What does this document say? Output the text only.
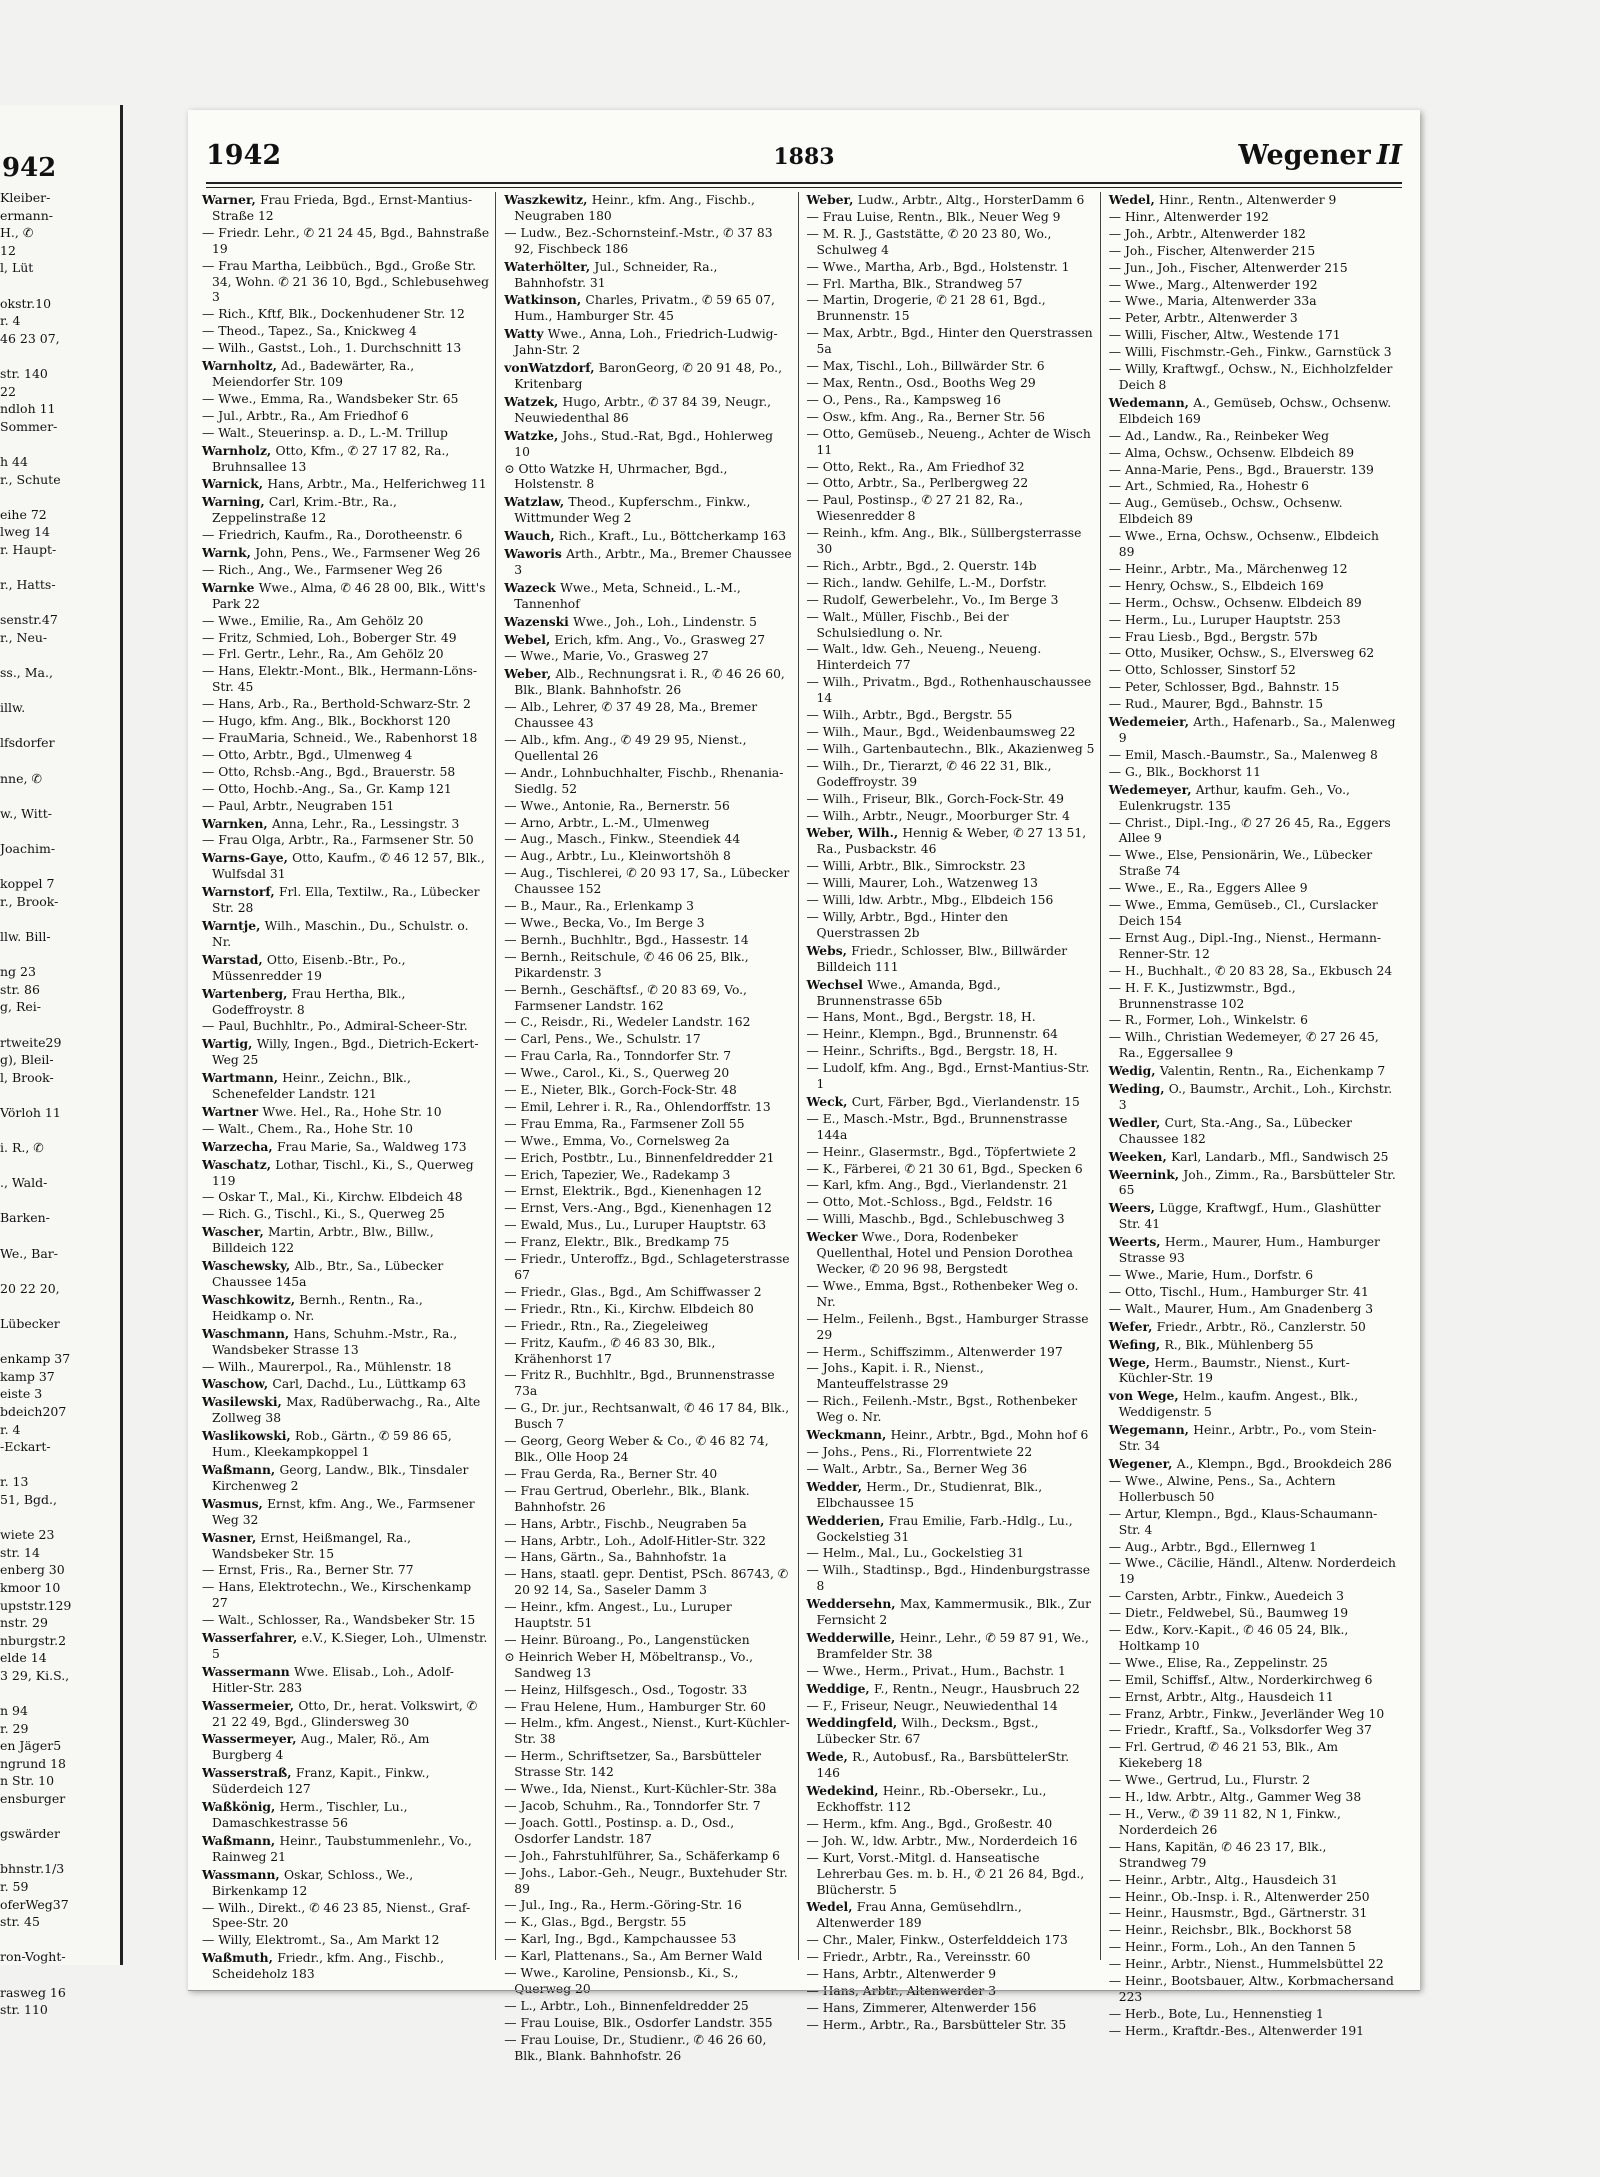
942
Kleiber-
ermann-
H., ✆
12
l, Lüt

okstr.10
r. 4
46 23 07,

str. 140
22
ndloh 11
Sommer-

h 44
r., Schute

eihe 72
lweg 14
r. Haupt-

r., Hatts-

senstr.47
r., Neu-

ss., Ma.,

illw.

lfsdorfer

nne, ✆

w., Witt-

Joachim-

koppel 7
r., Brook-

llw. Bill-

ng 23
str. 86
g, Rei-

rtweite29
g), Bleil-
l, Brook-

Vörloh 11

i. R., ✆

., Wald-

Barken-

We., Bar-

20 22 20,

Lübecker

enkamp 37
kamp 37
eiste 3
bdeich207
r. 4
-Eckart-

r. 13
51, Bgd.,

wiete 23
str. 14
enberg 30
kmoor 10
upststr.129
nstr. 29
nburgstr.2
elde 14
3 29, Ki.S.,

n 94
r. 29
en Jäger5
ngrund 18
n Str. 10
ensburger

gswärder

bhnstr.1/3
r. 59
oferWeg37
str. 45

ron-Voght-

rasweg 16
str. 110
1942	1883	Wegener II
Warner, Frau Frieda, Bgd., Ernst-Mantius-Straße 12
— Friedr. Lehr., ✆ 21 24 45, Bgd., Bahnstraße 19
— Frau Martha, Leibbüch., Bgd., Große Str. 34, Wohn. ✆ 21 36 10, Bgd., Schlebusehweg 3
— Rich., Kftf, Blk., Dockenhudener Str. 12
— Theod., Tapez., Sa., Knickweg 4
— Wilh., Gastst., Loh., 1. Durchschnitt 13
Warnholtz, Ad., Badewärter, Ra., Meiendorfer Str. 109
— Wwe., Emma, Ra., Wandsbeker Str. 65
— Jul., Arbtr., Ra., Am Friedhof 6
— Walt., Steuerinsp. a. D., L.-M. Trillup
Warnholz, Otto, Kfm., ✆ 27 17 82, Ra., Bruhnsallee 13
Warnick, Hans, Arbtr., Ma., Helferichweg 11
Warning, Carl, Krim.-Btr., Ra., Zeppelinstraße 12
— Friedrich, Kaufm., Ra., Dorotheenstr. 6
Warnk, John, Pens., We., Farmsener Weg 26
— Rich., Ang., We., Farmsener Weg 26
Warnke Wwe., Alma, ✆ 46 28 00, Blk., Witt's Park 22
— Wwe., Emilie, Ra., Am Gehölz 20
— Fritz, Schmied, Loh., Boberger Str. 49
— Frl. Gertr., Lehr., Ra., Am Gehölz 20
— Hans, Elektr.-Mont., Blk., Hermann-Löns-Str. 45
— Hans, Arb., Ra., Berthold-Schwarz-Str. 2
— Hugo, kfm. Ang., Blk., Bockhorst 120
— FrauMaria, Schneid., We., Rabenhorst 18
— Otto, Arbtr., Bgd., Ulmenweg 4
— Otto, Rchsb.-Ang., Bgd., Brauerstr. 58
— Otto, Hochb.-Ang., Sa., Gr. Kamp 121
— Paul, Arbtr., Neugraben 151
Warnken, Anna, Lehr., Ra., Lessingstr. 3
— Frau Olga, Arbtr., Ra., Farmsener Str. 50
Warns-Gaye, Otto, Kaufm., ✆ 46 12 57, Blk., Wulfsdal 31
Warnstorf, Frl. Ella, Textilw., Ra., Lübecker Str. 28
Warntje, Wilh., Maschin., Du., Schulstr. o. Nr.
Warstad, Otto, Eisenb.-Btr., Po., Müssenredder 19
Wartenberg, Frau Hertha, Blk., Godeffroystr. 8
— Paul, Buchhltr., Po., Admiral-Scheer-Str.
Wartig, Willy, Ingen., Bgd., Dietrich-Eckert-Weg 25
Wartmann, Heinr., Zeichn., Blk., Schenefelder Landstr. 121
Wartner Wwe. Hel., Ra., Hohe Str. 10
— Walt., Chem., Ra., Hohe Str. 10
Warzecha, Frau Marie, Sa., Waldweg 173
Waschatz, Lothar, Tischl., Ki., S., Querweg 119
— Oskar T., Mal., Ki., Kirchw. Elbdeich 48
— Rich. G., Tischl., Ki., S., Querweg 25
Wascher, Martin, Arbtr., Blw., Billw., Billdeich 122
Waschewsky, Alb., Btr., Sa., Lübecker Chaussee 145a
Waschkowitz, Bernh., Rentn., Ra., Heidkamp o. Nr.
Waschmann, Hans, Schuhm.-Mstr., Ra., Wandsbeker Strasse 13
— Wilh., Maurerpol., Ra., Mühlenstr. 18
Waschow, Carl, Dachd., Lu., Lüttkamp 63
Wasilewski, Max, Radüberwachg., Ra., Alte Zollweg 38
Waslikowski, Rob., Gärtn., ✆ 59 86 65, Hum., Kleekampkoppel 1
Waßmann, Georg, Landw., Blk., Tinsdaler Kirchenweg 2
Wasmus, Ernst, kfm. Ang., We., Farmsener Weg 32
Wasner, Ernst, Heißmangel, Ra., Wandsbeker Str. 15
— Ernst, Fris., Ra., Berner Str. 77
— Hans, Elektrotechn., We., Kirschenkamp 27
— Walt., Schlosser, Ra., Wandsbeker Str. 15
Wasserfahrer, e.V., K.Sieger, Loh., Ulmenstr. 5
Wassermann Wwe. Elisab., Loh., Adolf-Hitler-Str. 283
Wassermeier, Otto, Dr., herat. Volkswirt, ✆ 21 22 49, Bgd., Glindersweg 30
Wassermeyer, Aug., Maler, Rö., Am Burgberg 4
Wasserstraß, Franz, Kapit., Finkw., Süderdeich 127
Waßkönig, Herm., Tischler, Lu., Damaschkestrasse 56
Waßmann, Heinr., Taubstummenlehr., Vo., Rainweg 21
Wassmann, Oskar, Schloss., We., Birkenkamp 12
— Wilh., Direkt., ✆ 46 23 85, Nienst., Graf-Spee-Str. 20
— Willy, Elektromt., Sa., Am Markt 12
Waßmuth, Friedr., kfm. Ang., Fischb., Scheideholz 183
Waszkewitz, Heinr., kfm. Ang., Fischb., Neugraben 180
— Ludw., Bez.-Schornsteinf.-Mstr., ✆ 37 83 92, Fischbeck 186
Waterhölter, Jul., Schneider, Ra., Bahnhofstr. 31
Watkinson, Charles, Privatm., ✆ 59 65 07, Hum., Hamburger Str. 45
Watty Wwe., Anna, Loh., Friedrich-Ludwig-Jahn-Str. 2
vonWatzdorf, BaronGeorg, ✆ 20 91 48, Po., Kritenbarg
Watzek, Hugo, Arbtr., ✆ 37 84 39, Neugr., Neuwiedenthal 86
Watzke, Johs., Stud.-Rat, Bgd., Hohlerweg 10
⊙ Otto Watzke H, Uhrmacher, Bgd., Holstenstr. 8
Watzlaw, Theod., Kupferschm., Finkw., Wittmunder Weg 2
Wauch, Rich., Kraft., Lu., Böttcherkamp 163
Waworis Arth., Arbtr., Ma., Bremer Chaussee 3
Wazeck Wwe., Meta, Schneid., L.-M., Tannenhof
Wazenski Wwe., Joh., Loh., Lindenstr. 5
Webel, Erich, kfm. Ang., Vo., Grasweg 27
— Wwe., Marie, Vo., Grasweg 27
Weber, Alb., Rechnungsrat i. R., ✆ 46 26 60, Blk., Blank. Bahnhofstr. 26
— Alb., Lehrer, ✆ 37 49 28, Ma., Bremer Chaussee 43
— Alb., kfm. Ang., ✆ 49 29 95, Nienst., Quellental 26
— Andr., Lohnbuchhalter, Fischb., Rhenania-Siedlg. 52
— Wwe., Antonie, Ra., Bernerstr. 56
— Arno, Arbtr., L.-M., Ulmenweg
— Aug., Masch., Finkw., Steendiek 44
— Aug., Arbtr., Lu., Kleinwortshöh 8
— Aug., Tischlerei, ✆ 20 93 17, Sa., Lübecker Chaussee 152
— B., Maur., Ra., Erlenkamp 3
— Wwe., Becka, Vo., Im Berge 3
— Bernh., Buchhltr., Bgd., Hassestr. 14
— Bernh., Reitschule, ✆ 46 06 25, Blk., Pikardenstr. 3
— Bernh., Geschäftsf., ✆ 20 83 69, Vo., Farmsener Landstr. 162
— C., Reisdr., Ri., Wedeler Landstr. 162
— Carl, Pens., We., Schulstr. 17
— Frau Carla, Ra., Tonndorfer Str. 7
— Wwe., Carol., Ki., S., Querweg 20
— E., Nieter, Blk., Gorch-Fock-Str. 48
— Emil, Lehrer i. R., Ra., Ohlendorffstr. 13
— Frau Emma, Ra., Farmsener Zoll 55
— Wwe., Emma, Vo., Cornelsweg 2a
— Erich, Postbtr., Lu., Binnenfeldredder 21
— Erich, Tapezier, We., Radekamp 3
— Ernst, Elektrik., Bgd., Kienenhagen 12
— Ernst, Vers.-Ang., Bgd., Kienenhagen 12
— Ewald, Mus., Lu., Luruper Hauptstr. 63
— Franz, Elektr., Blk., Bredkamp 75
— Friedr., Unteroffz., Bgd., Schlageterstrasse 67
— Friedr., Glas., Bgd., Am Schiffwasser 2
— Friedr., Rtn., Ki., Kirchw. Elbdeich 80
— Friedr., Rtn., Ra., Ziegeleiweg
— Fritz, Kaufm., ✆ 46 83 30, Blk., Krähenhorst 17
— Fritz R., Buchhltr., Bgd., Brunnenstrasse 73a
— G., Dr. jur., Rechtsanwalt, ✆ 46 17 84, Blk., Busch 7
— Georg, Georg Weber & Co., ✆ 46 82 74, Blk., Olle Hoop 24
— Frau Gerda, Ra., Berner Str. 40
— Frau Gertrud, Oberlehr., Blk., Blank. Bahnhofstr. 26
— Hans, Arbtr., Fischb., Neugraben 5a
— Hans, Arbtr., Loh., Adolf-Hitler-Str. 322
— Hans, Gärtn., Sa., Bahnhofstr. 1a
— Hans, staatl. gepr. Dentist, PSch. 86743, ✆ 20 92 14, Sa., Saseler Damm 3
— Heinr., kfm. Angest., Lu., Luruper Hauptstr. 51
— Heinr. Büroang., Po., Langenstücken
⊙ Heinrich Weber H, Möbeltransp., Vo., Sandweg 13
— Heinz, Hilfsgesch., Osd., Togostr. 33
— Frau Helene, Hum., Hamburger Str. 60
— Helm., kfm. Angest., Nienst., Kurt-Küchler-Str. 38
— Herm., Schriftsetzer, Sa., Barsbütteler Strasse Str. 142
— Wwe., Ida, Nienst., Kurt-Küchler-Str. 38a
— Jacob, Schuhm., Ra., Tonndorfer Str. 7
— Joach. Gottl., Postinsp. a. D., Osd., Osdorfer Landstr. 187
— Joh., Fahrstuhlführer, Sa., Schäferkamp 6
— Johs., Labor.-Geh., Neugr., Buxtehuder Str. 89
— Jul., Ing., Ra., Herm.-Göring-Str. 16
— K., Glas., Bgd., Bergstr. 55
— Karl, Ing., Bgd., Kampchaussee 53
— Karl, Plattenans., Sa., Am Berner Wald
— Wwe., Karoline, Pensionsb., Ki., S., Querweg 20
— L., Arbtr., Loh., Binnenfeldredder 25
— Frau Louise, Blk., Osdorfer Landstr. 355
— Frau Louise, Dr., Studienr., ✆ 46 26 60, Blk., Blank. Bahnhofstr. 26
Weber, Ludw., Arbtr., Altg., HorsterDamm 6
— Frau Luise, Rentn., Blk., Neuer Weg 9
— M. R. J., Gaststätte, ✆ 20 23 80, Wo., Schulweg 4
— Wwe., Martha, Arb., Bgd., Holstenstr. 1
— Frl. Martha, Blk., Strandweg 57
— Martin, Drogerie, ✆ 21 28 61, Bgd., Brunnenstr. 15
— Max, Arbtr., Bgd., Hinter den Querstrassen 5a
— Max, Tischl., Loh., Billwärder Str. 6
— Max, Rentn., Osd., Booths Weg 29
— O., Pens., Ra., Kampsweg 16
— Osw., kfm. Ang., Ra., Berner Str. 56
— Otto, Gemüseb., Neueng., Achter de Wisch 11
— Otto, Rekt., Ra., Am Friedhof 32
— Otto, Arbtr., Sa., Perlbergweg 22
— Paul, Postinsp., ✆ 27 21 82, Ra., Wiesenredder 8
— Reinh., kfm. Ang., Blk., Süllbergsterrasse 30
— Rich., Arbtr., Bgd., 2. Querstr. 14b
— Rich., landw. Gehilfe, L.-M., Dorfstr.
— Rudolf, Gewerbelehr., Vo., Im Berge 3
— Walt., Müller, Fischb., Bei der Schulsiedlung o. Nr.
— Walt., ldw. Geh., Neueng., Neueng. Hinterdeich 77
— Wilh., Privatm., Bgd., Rothenhauschaussee 14
— Wilh., Arbtr., Bgd., Bergstr. 55
— Wilh., Maur., Bgd., Weidenbaumsweg 22
— Wilh., Gartenbautechn., Blk., Akazienweg 5
— Wilh., Dr., Tierarzt, ✆ 46 22 31, Blk., Godeffroystr. 39
— Wilh., Friseur, Blk., Gorch-Fock-Str. 49
— Wilh., Arbtr., Neugr., Moorburger Str. 4
Weber, Wilh., Hennig & Weber, ✆ 27 13 51, Ra., Pusbackstr. 46
— Willi, Arbtr., Blk., Simrockstr. 23
— Willi, Maurer, Loh., Watzenweg 13
— Willi, ldw. Arbtr., Mbg., Elbdeich 156
— Willy, Arbtr., Bgd., Hinter den Querstrassen 2b
Webs, Friedr., Schlosser, Blw., Billwärder Billdeich 111
Wechsel Wwe., Amanda, Bgd., Brunnenstrasse 65b
— Hans, Mont., Bgd., Bergstr. 18, H.
— Heinr., Klempn., Bgd., Brunnenstr. 64
— Heinr., Schrifts., Bgd., Bergstr. 18, H.
— Ludolf, kfm. Ang., Bgd., Ernst-Mantius-Str. 1
Weck, Curt, Färber, Bgd., Vierlandenstr. 15
— E., Masch.-Mstr., Bgd., Brunnenstrasse 144a
— Heinr., Glasermstr., Bgd., Töpfertwiete 2
— K., Färberei, ✆ 21 30 61, Bgd., Specken 6
— Karl, kfm. Ang., Bgd., Vierlandenstr. 21
— Otto, Mot.-Schloss., Bgd., Feldstr. 16
— Willi, Maschb., Bgd., Schlebuschweg 3
Wecker Wwe., Dora, Rodenbeker Quellenthal, Hotel und Pension Dorothea Wecker, ✆ 20 96 98, Bergstedt
— Wwe., Emma, Bgst., Rothenbeker Weg o. Nr.
— Helm., Feilenh., Bgst., Hamburger Strasse 29
— Herm., Schiffszimm., Altenwerder 197
— Johs., Kapit. i. R., Nienst., Manteuffelstrasse 29
— Rich., Feilenh.-Mstr., Bgst., Rothenbeker Weg o. Nr.
Weckmann, Heinr., Arbtr., Bgd., Mohn hof 6
— Johs., Pens., Ri., Florrentwiete 22
— Walt., Arbtr., Sa., Berner Weg 36
Wedder, Herm., Dr., Studienrat, Blk., Elbchaussee 15
Wedderien, Frau Emilie, Farb.-Hdlg., Lu., Gockelstieg 31
— Helm., Mal., Lu., Gockelstieg 31
— Wilh., Stadtinsp., Bgd., Hindenburgstrasse 8
Weddersehn, Max, Kammermusik., Blk., Zur Fernsicht 2
Wedderwille, Heinr., Lehr., ✆ 59 87 91, We., Bramfelder Str. 38
— Wwe., Herm., Privat., Hum., Bachstr. 1
Weddige, F., Rentn., Neugr., Hausbruch 22
— F., Friseur, Neugr., Neuwiedenthal 14
Weddingfeld, Wilh., Decksm., Bgst., Lübecker Str. 67
Wede, R., Autobusf., Ra., BarsbüttelerStr. 146
Wedekind, Heinr., Rb.-Obersekr., Lu., Eckhoffstr. 112
— Herm., kfm. Ang., Bgd., Großestr. 40
— Joh. W., ldw. Arbtr., Mw., Norderdeich 16
— Kurt, Vorst.-Mitgl. d. Hanseatische Lehrerbau Ges. m. b. H., ✆ 21 26 84, Bgd., Blücherstr. 5
Wedel, Frau Anna, Gemüsehdlrn., Altenwerder 189
— Chr., Maler, Finkw., Osterfelddeich 173
— Friedr., Arbtr., Ra., Vereinsstr. 60
— Hans, Arbtr., Altenwerder 9
— Hans, Arbtr., Altenwerder 3
— Hans, Zimmerer, Altenwerder 156
— Herm., Arbtr., Ra., Barsbütteler Str. 35
Wedel, Hinr., Rentn., Altenwerder 9
— Hinr., Altenwerder 192
— Joh., Arbtr., Altenwerder 182
— Joh., Fischer, Altenwerder 215
— Jun., Joh., Fischer, Altenwerder 215
— Wwe., Marg., Altenwerder 192
— Wwe., Maria, Altenwerder 33a
— Peter, Arbtr., Altenwerder 3
— Willi, Fischer, Altw., Westende 171
— Willi, Fischmstr.-Geh., Finkw., Garnstück 3
— Willy, Kraftwgf., Ochsw., N., Eichholzfelder Deich 8
Wedemann, A., Gemüseb, Ochsw., Ochsenw. Elbdeich 169
— Ad., Landw., Ra., Reinbeker Weg
— Alma, Ochsw., Ochsenw. Elbdeich 89
— Anna-Marie, Pens., Bgd., Brauerstr. 139
— Art., Schmied, Ra., Hohestr 6
— Aug., Gemüseb., Ochsw., Ochsenw. Elbdeich 89
— Wwe., Erna, Ochsw., Ochsenw., Elbdeich 89
— Heinr., Arbtr., Ma., Märchenweg 12
— Henry, Ochsw., S., Elbdeich 169
— Herm., Ochsw., Ochsenw. Elbdeich 89
— Herm., Lu., Luruper Hauptstr. 253
— Frau Liesb., Bgd., Bergstr. 57b
— Otto, Musiker, Ochsw., S., Elversweg 62
— Otto, Schlosser, Sinstorf 52
— Peter, Schlosser, Bgd., Bahnstr. 15
— Rud., Maurer, Bgd., Bahnstr. 15
Wedemeier, Arth., Hafenarb., Sa., Malenweg 9
— Emil, Masch.-Baumstr., Sa., Malenweg 8
— G., Blk., Bockhorst 11
Wedemeyer, Arthur, kaufm. Geh., Vo., Eulenkrugstr. 135
— Christ., Dipl.-Ing., ✆ 27 26 45, Ra., Eggers Allee 9
— Wwe., Else, Pensionärin, We., Lübecker Straße 74
— Wwe., E., Ra., Eggers Allee 9
— Wwe., Emma, Gemüseb., Cl., Curslacker Deich 154
— Ernst Aug., Dipl.-Ing., Nienst., Hermann-Renner-Str. 12
— H., Buchhalt., ✆ 20 83 28, Sa., Ekbusch 24
— H. F. K., Justizwmstr., Bgd., Brunnenstrasse 102
— R., Former, Loh., Winkelstr. 6
— Wilh., Christian Wedemeyer, ✆ 27 26 45, Ra., Eggersallee 9
Wedig, Valentin, Rentn., Ra., Eichenkamp 7
Weding, O., Baumstr., Archit., Loh., Kirchstr. 3
Wedler, Curt, Sta.-Ang., Sa., Lübecker Chaussee 182
Weeken, Karl, Landarb., Mfl., Sandwisch 25
Weernink, Joh., Zimm., Ra., Barsbütteler Str. 65
Weers, Lügge, Kraftwgf., Hum., Glashütter Str. 41
Weerts, Herm., Maurer, Hum., Hamburger Strasse 93
— Wwe., Marie, Hum., Dorfstr. 6
— Otto, Tischl., Hum., Hamburger Str. 41
— Walt., Maurer, Hum., Am Gnadenberg 3
Wefer, Friedr., Arbtr., Rö., Canzlerstr. 50
Wefing, R., Blk., Mühlenberg 55
Wege, Herm., Baumstr., Nienst., Kurt-Küchler-Str. 19
von Wege, Helm., kaufm. Angest., Blk., Weddigenstr. 5
Wegemann, Heinr., Arbtr., Po., vom Stein-Str. 34
Wegener, A., Klempn., Bgd., Brookdeich 286
— Wwe., Alwine, Pens., Sa., Achtern Hollerbusch 50
— Artur, Klempn., Bgd., Klaus-Schaumann-Str. 4
— Aug., Arbtr., Bgd., Ellernweg 1
— Wwe., Cäcilie, Händl., Altenw. Norderdeich 19
— Carsten, Arbtr., Finkw., Auedeich 3
— Dietr., Feldwebel, Sü., Baumweg 19
— Edw., Korv.-Kapit., ✆ 46 05 24, Blk., Holtkamp 10
— Wwe., Elise, Ra., Zeppelinstr. 25
— Emil, Schiffsf., Altw., Norderkirchweg 6
— Ernst, Arbtr., Altg., Hausdeich 11
— Franz, Arbtr., Finkw., Jeverländer Weg 10
— Friedr., Kraftf., Sa., Volksdorfer Weg 37
— Frl. Gertrud, ✆ 46 21 53, Blk., Am Kiekeberg 18
— Wwe., Gertrud, Lu., Flurstr. 2
— H., ldw. Arbtr., Altg., Gammer Weg 38
— H., Verw., ✆ 39 11 82, N 1, Finkw., Norderdeich 26
— Hans, Kapitän, ✆ 46 23 17, Blk., Strandweg 79
— Heinr., Arbtr., Altg., Hausdeich 31
— Heinr., Ob.-Insp. i. R., Altenwerder 250
— Heinr., Hausmstr., Bgd., Gärtnerstr. 31
— Heinr., Reichsbr., Blk., Bockhorst 58
— Heinr., Form., Loh., An den Tannen 5
— Heinr., Arbtr., Nienst., Hummelsbüttel 22
— Heinr., Bootsbauer, Altw., Korbmachersand 223
— Herb., Bote, Lu., Hennenstieg 1
— Herm., Kraftdr.-Bes., Altenwerder 191
